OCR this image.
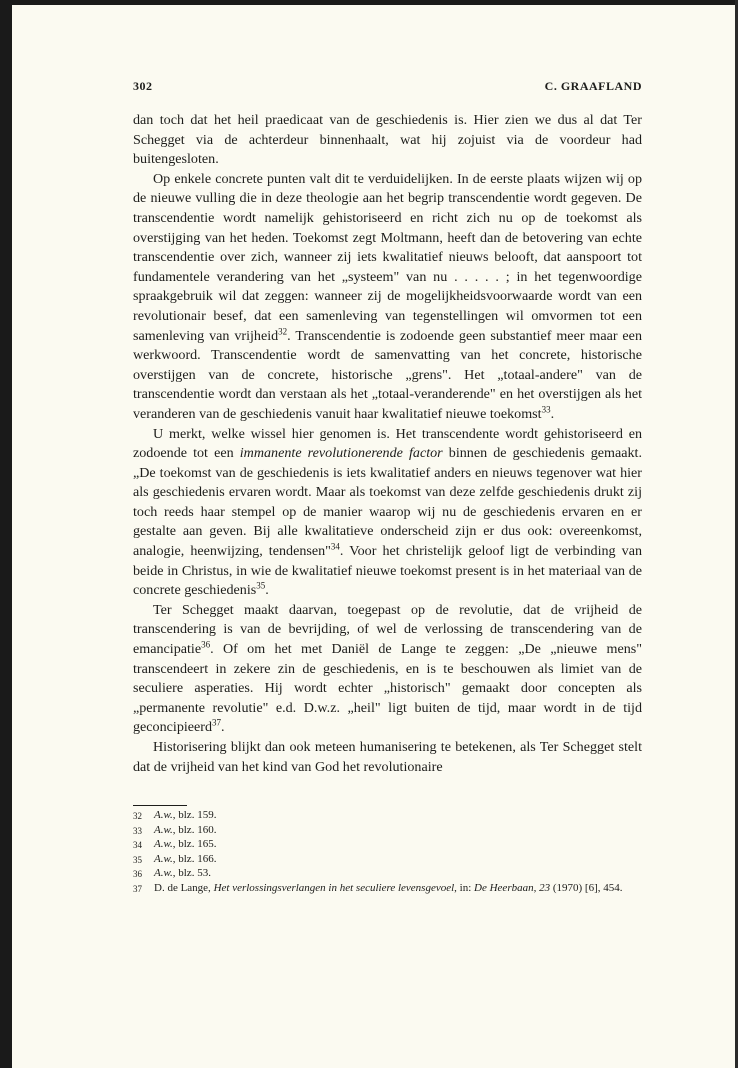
302	C. GRAAFLAND

dan toch dat het heil praedicaat van de geschiedenis is. Hier zien we dus al dat Ter Schegget via de achterdeur binnenhaalt, wat hij zojuist via de voordeur had buitengesloten.

Op enkele concrete punten valt dit te verduidelijken. In de eerste plaats wijzen wij op de nieuwe vulling die in deze theologie aan het begrip transcendentie wordt gegeven. De transcendentie wordt namelijk gehistoriseerd en richt zich nu op de toekomst als overstijging van het heden. Toekomst zegt Moltmann, heeft dan de betovering van echte transcendentie over zich, wanneer zij iets kwalitatief nieuws belooft, dat aanspoort tot fundamentele verandering van het „systeem" van nu . . . . . ; in het tegenwoordige spraakgebruik wil dat zeggen: wanneer zij de mogelijkheidsvoorwaarde wordt van een revolutionair besef, dat een samenleving van tegenstellingen wil omvormen tot een samenleving van vrijheid$^{32}$. Transcendentie is zodoende geen substantief meer maar een werkwoord. Transcendentie wordt de samenvatting van het concrete, historische overstijgen van de concrete, historische „grens". Het „totaal-andere" van de transcendentie wordt dan verstaan als het „totaal-veranderende" en het overstijgen als het veranderen van de geschiedenis vanuit haar kwalitatief nieuwe toekomst$^{33}$.

U merkt, welke wissel hier genomen is. Het transcendente wordt gehistoriseerd en zodoende tot een immanente revolutionerende factor binnen de geschiedenis gemaakt. „De toekomst van de geschiedenis is iets kwalitatief anders en nieuws tegenover wat hier als geschiedenis ervaren wordt. Maar als toekomst van deze zelfde geschiedenis drukt zij toch reeds haar stempel op de manier waarop wij nu de geschiedenis ervaren en er gestalte aan geven. Bij alle kwalitatieve onderscheid zijn er dus ook: overeenkomst, analogie, heenwijzing, tendensen"$^{34}$. Voor het christelijk geloof ligt de verbinding van beide in Christus, in wie de kwalitatief nieuwe toekomst present is in het materiaal van de concrete geschiedenis$^{35}$.

Ter Schegget maakt daarvan, toegepast op de revolutie, dat de vrijheid de transcendering is van de bevrijding, of wel de verlossing de transcendering van de emancipatie$^{36}$. Of om het met Daniël de Lange te zeggen: „De „nieuwe mens" transcendeert in zekere zin de geschiedenis, en is te beschouwen als limiet van de seculiere asperaties. Hij wordt echter „historisch" gemaakt door concepten als „permanente revolutie" e.d. D.w.z. „heil" ligt buiten de tijd, maar wordt in de tijd geconcipieerd$^{37}$.

Historisering blijkt dan ook meteen humanisering te betekenen, als Ter Schegget stelt dat de vrijheid van het kind van God het revolutionaire

32	A.w., blz. 159.
33	A.w., blz. 160.
34	A.w., blz. 165.
35	A.w., blz. 166.
36	A.w., blz. 53.
37	D. de Lange, Het verlossingsverlangen in het seculiere levensgevoel, in: De Heerbaan, 23 (1970) [6], 454.
